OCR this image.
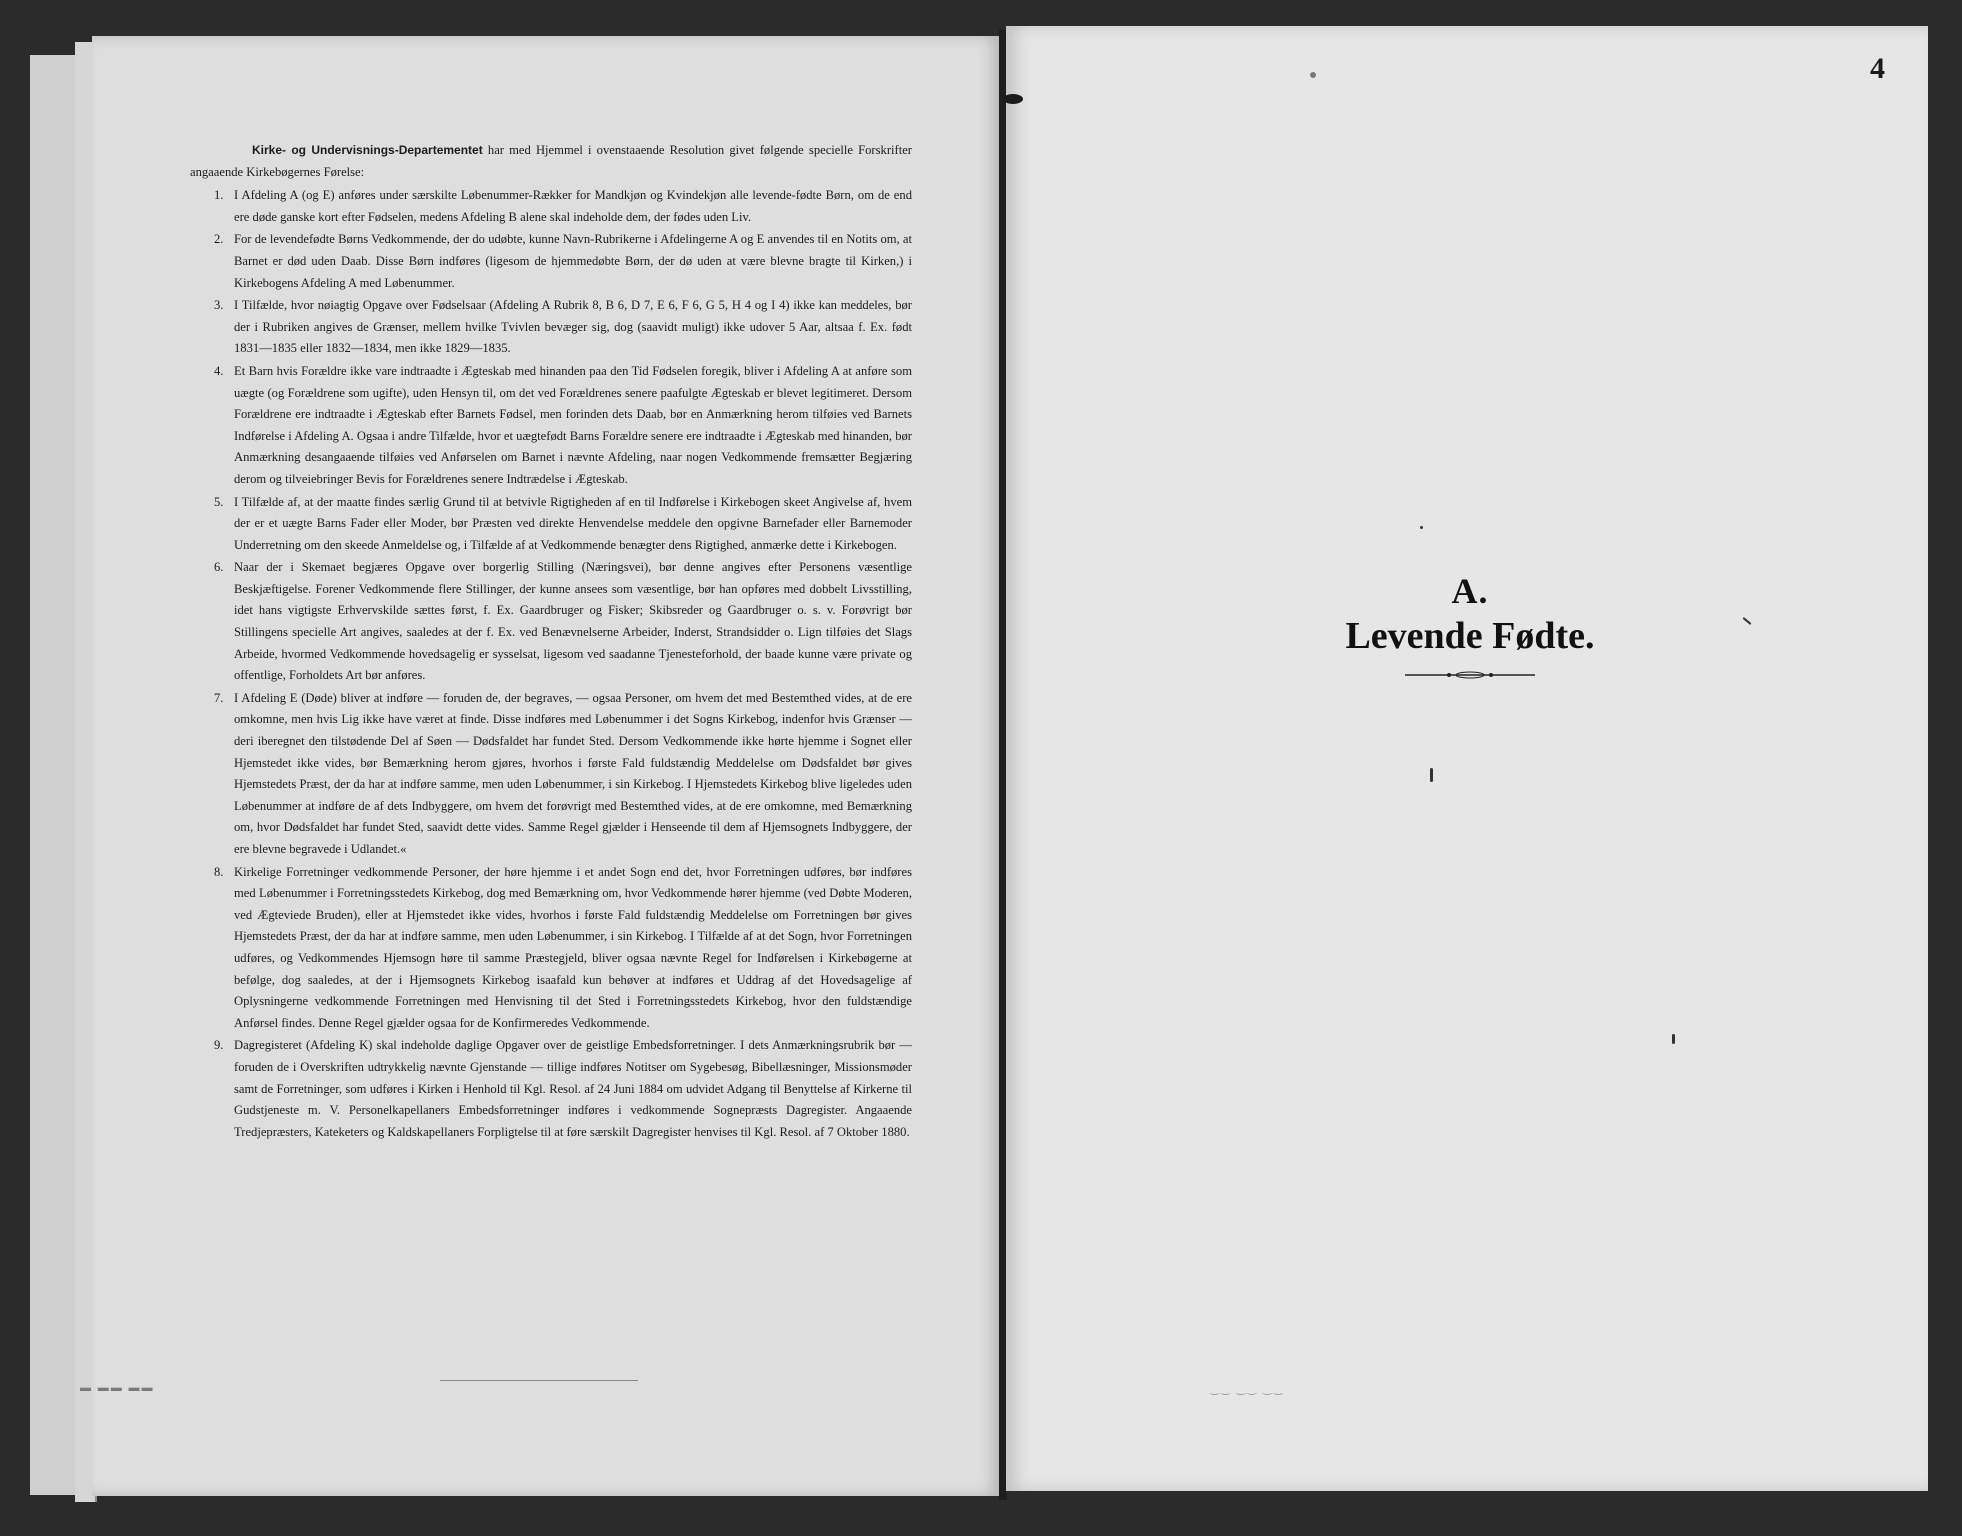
4

Kirke- og Undervisnings-Departementet har med Hjemmel i ovenstaaende Resolution givet følgende specielle Forskrifter angaaende Kirkebøgernes Førelse:

1. I Afdeling A (og E) anføres under særskilte Løbenummer-Rækker for Mandkjøn og Kvindekjøn alle levende-fødte Børn, om de end ere døde ganske kort efter Fødselen, medens Afdeling B alene skal indeholde dem, der fødes uden Liv.
2. For de levendefødte Børns Vedkommende, der do udøbte, kunne Navn-Rubrikerne i Afdelingerne A og E anvendes til en Notits om, at Barnet er død uden Daab. Disse Børn indføres (ligesom de hjemmedøbte Børn, der dø uden at være blevne bragte til Kirken,) i Kirkebogens Afdeling A med Løbenummer.
3. I Tilfælde, hvor nøiagtig Opgave over Fødselsaar (Afdeling A Rubrik 8, B 6, D 7, E 6, F 6, G 5, H 4 og I 4) ikke kan meddeles, bør der i Rubriken angives de Grænser, mellem hvilke Tvivlen bevæger sig, dog (saavidt muligt) ikke udover 5 Aar, altsaa f. Ex. født 1831—1835 eller 1832—1834, men ikke 1829—1835.
4. Et Barn hvis Forældre ikke vare indtraadte i Ægteskab med hinanden paa den Tid Fødselen foregik, bliver i Afdeling A at anføre som uægte (og Forældrene som ugifte), uden Hensyn til, om det ved Forældrenes senere paafulgte Ægteskab er blevet legitimeret. Dersom Forældrene ere indtraadte i Ægteskab efter Barnets Fødsel, men forinden dets Daab, bør en Anmærkning herom tilføies ved Barnets Indførelse i Afdeling A. Ogsaa i andre Tilfælde, hvor et uægtefødt Barns Forældre senere ere indtraadte i Ægteskab med hinanden, bør Anmærkning desangaaende tilføies ved Anførselen om Barnet i nævnte Afdeling, naar nogen Vedkommende fremsætter Begjæring derom og tilveiebringer Bevis for Forældrenes senere Indtrædelse i Ægteskab.
5. I Tilfælde af, at der maatte findes særlig Grund til at betvivle Rigtigheden af en til Indførelse i Kirkebogen skeet Angivelse af, hvem der er et uægte Barns Fader eller Moder, bør Præsten ved direkte Henvendelse meddele den opgivne Barnefader eller Barnemoder Underretning om den skeede Anmeldelse og, i Tilfælde af at Vedkommende benægter dens Rigtighed, anmærke dette i Kirkebogen.
6. Naar der i Skemaet begjæres Opgave over borgerlig Stilling (Næringsvei), bør denne angives efter Personens væsentlige Beskjæftigelse. Forener Vedkommende flere Stillinger, der kunne ansees som væsentlige, bør han opføres med dobbelt Livsstilling, idet hans vigtigste Erhvervskilde sættes først, f. Ex. Gaardbruger og Fisker; Skibsreder og Gaardbruger o. s. v. Forøvrigt bør Stillingens specielle Art angives, saaledes at der f. Ex. ved Benævnelserne Arbeider, Inderst, Strandsidder o. Lign tilføies det Slags Arbeide, hvormed Vedkommende hovedsagelig er sysselsat, ligesom ved saadanne Tjenesteforhold, der baade kunne være private og offentlige, Forholdets Art bør anføres.
7. I Afdeling E (Døde) bliver at indføre — foruden de, der begraves, — ogsaa Personer, om hvem det med Bestemthed vides, at de ere omkomne, men hvis Lig ikke have været at finde. Disse indføres med Løbenummer i det Sogns Kirkebog, indenfor hvis Grænser — deri iberegnet den tilstødende Del af Søen — Dødsfaldet har fundet Sted. Dersom Vedkommende ikke hørte hjemme i Sognet eller Hjemstedet ikke vides, bør Bemærkning herom gjøres, hvorhos i første Fald fuldstændig Meddelelse om Dødsfaldet bør gives Hjemstedets Præst, der da har at indføre samme, men uden Løbenummer, i sin Kirkebog. I Hjemstedets Kirkebog blive ligeledes uden Løbenummer at indføre de af dets Indbyggere, om hvem det forøvrigt med Bestemthed vides, at de ere omkomne, med Bemærkning om, hvor Dødsfaldet har fundet Sted, saavidt dette vides. Samme Regel gjælder i Henseende til dem af Hjemsognets Indbyggere, der ere blevne begravede i Udlandet.«
8. Kirkelige Forretninger vedkommende Personer, der høre hjemme i et andet Sogn end det, hvor Forretningen udføres, bør indføres med Løbenummer i Forretningsstedets Kirkebog, dog med Bemærkning om, hvor Vedkommende hører hjemme (ved Døbte Moderen, ved Ægteviede Bruden), eller at Hjemstedet ikke vides, hvorhos i første Fald fuldstændig Meddelelse om Forretningen bør gives Hjemstedets Præst, der da har at indføre samme, men uden Løbenummer, i sin Kirkebog. I Tilfælde af at det Sogn, hvor Forretningen udføres, og Vedkommendes Hjemsogn høre til samme Præstegjeld, bliver ogsaa nævnte Regel for Indførelsen i Kirkebøgerne at befølge, dog saaledes, at der i Hjemsognets Kirkebog isaafald kun behøver at indføres et Uddrag af det Hovedsagelige af Oplysningerne vedkommende Forretningen med Henvisning til det Sted i Forretningsstedets Kirkebog, hvor den fuldstændige Anførsel findes. Denne Regel gjælder ogsaa for de Konfirmeredes Vedkommende.
9. Dagregisteret (Afdeling K) skal indeholde daglige Opgaver over de geistlige Embedsforretninger. I dets Anmærkningsrubrik bør — foruden de i Overskriften udtrykkelig nævnte Gjenstande — tillige indføres Notitser om Sygebesøg, Bibellæsninger, Missionsmøder samt de Forretninger, som udføres i Kirken i Henhold til Kgl. Resol. af 24 Juni 1884 om udvidet Adgang til Benyttelse af Kirkerne til Gudstjeneste m. V. Personelkapellaners Embedsforretninger indføres i vedkommende Sognepræsts Dagregister. Angaaende Tredjepræsters, Kateketers og Kaldskapellaners Forpligtelse til at føre særskilt Dagregister henvises til Kgl. Resol. af 7 Oktober 1880.
A.
Levende Fødte.
▬ ▬▬ ▬▬	‿‿ ‿‿ ‿‿
